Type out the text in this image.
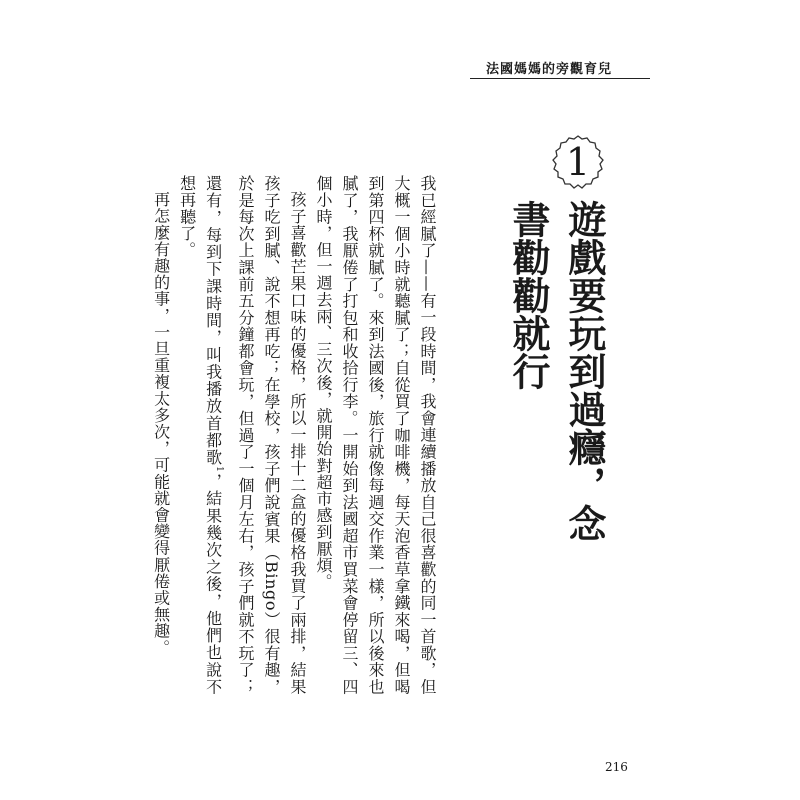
法國媽媽的旁觀育兒
1
遊戲要玩到過癮，念書勸勸就行

我已經膩了——有一段時間，我會連續播放自己很喜歡的同一首歌，但大概一個小時就聽膩了；自從買了咖啡機，每天泡香草拿鐵來喝，但喝到第四杯就膩了。來到法國後，旅行就像每週交作業一樣，所以後來也膩了，我厭倦了打包和收拾行李。一開始到法國超市買菜會停留三、四個小時，但一週去兩、三次後，就開始對超市感到厭煩。

孩子喜歡芒果口味的優格，所以一排十二盒的優格我買了兩排，結果孩子吃到膩、說不想再吃；在學校，孩子們說賓果（Bingo）很有趣，於是每次上課前五分鐘都會玩，但過了一個月左右，孩子們就不玩了；還有，每到下課時間，叫我播放首都歌$^1$，結果幾次之後，他們也說不想再聽了。

再怎麼有趣的事，一旦重複太多次，可能就會變得厭倦或無趣。

216
